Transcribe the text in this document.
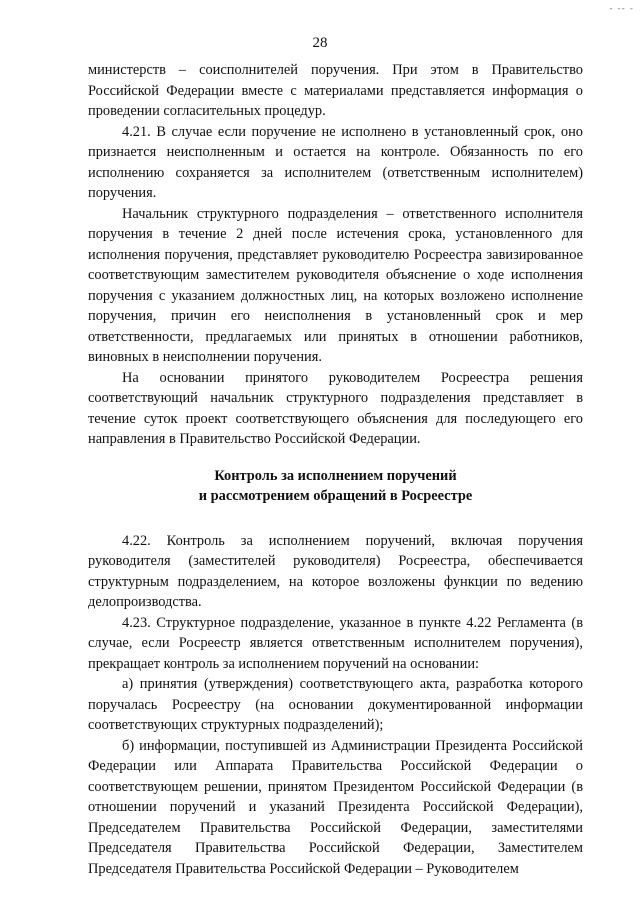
- -- -
28

министерств – соисполнителей поручения. При этом в Правительство Российской Федерации вместе с материалами представляется информация о проведении согласительных процедур.

4.21. В случае если поручение не исполнено в установленный срок, оно признается неисполненным и остается на контроле. Обязанность по его исполнению сохраняется за исполнителем (ответственным исполнителем) поручения.

Начальник структурного подразделения – ответственного исполнителя поручения в течение 2 дней после истечения срока, установленного для исполнения поручения, представляет руководителю Росреестра завизированное соответствующим заместителем руководителя объяснение о ходе исполнения поручения с указанием должностных лиц, на которых возложено исполнение поручения, причин его неисполнения в установленный срок и мер ответственности, предлагаемых или принятых в отношении работников, виновных в неисполнении поручения.

На основании принятого руководителем Росреестра решения соответствующий начальник структурного подразделения представляет в течение суток проект соответствующего объяснения для последующего его направления в Правительство Российской Федерации.

Контроль за исполнением поручений
и рассмотрением обращений в Росреестре

4.22. Контроль за исполнением поручений, включая поручения руководителя (заместителей руководителя) Росреестра, обеспечивается структурным подразделением, на которое возложены функции по ведению делопроизводства.

4.23. Структурное подразделение, указанное в пункте 4.22 Регламента (в случае, если Росреестр является ответственным исполнителем поручения), прекращает контроль за исполнением поручений на основании:

а) принятия (утверждения) соответствующего акта, разработка которого поручалась Росреестру (на основании документированной информации соответствующих структурных подразделений);

б) информации, поступившей из Администрации Президента Российской Федерации или Аппарата Правительства Российской Федерации о соответствующем решении, принятом Президентом Российской Федерации (в отношении поручений и указаний Президента Российской Федерации), Председателем Правительства Российской Федерации, заместителями Председателя Правительства Российской Федерации, Заместителем Председателя Правительства Российской Федерации – Руководителем
